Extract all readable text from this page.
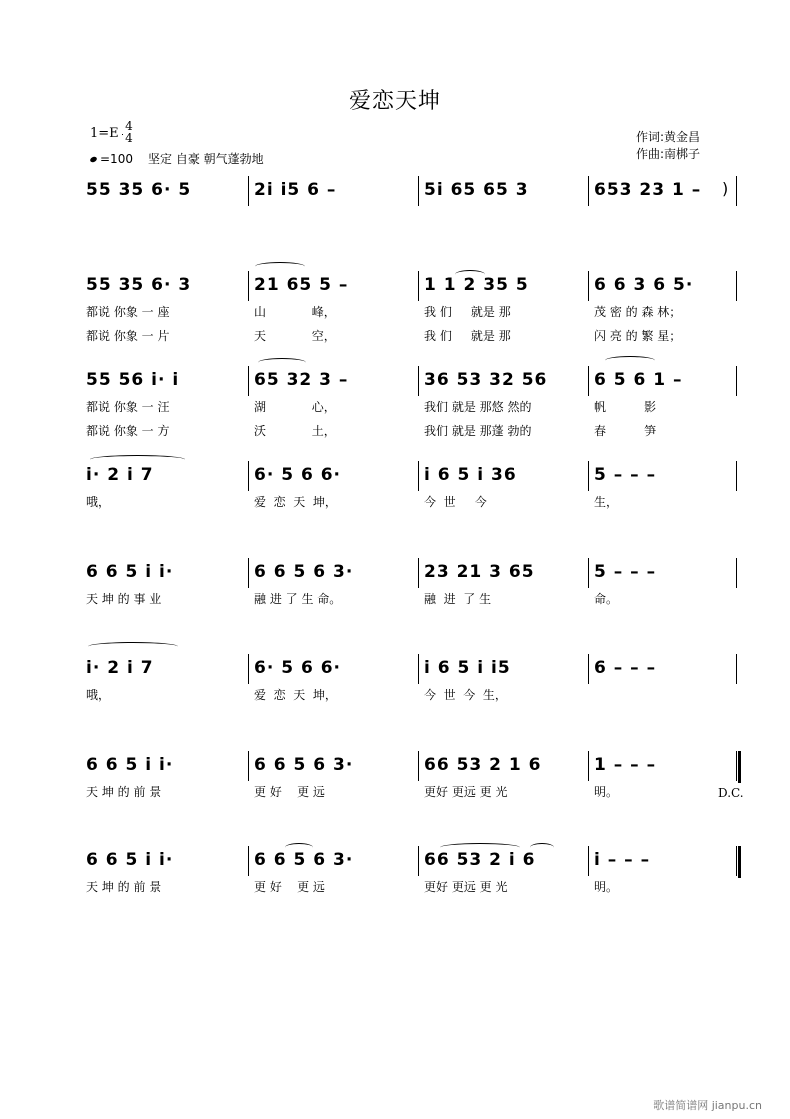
爱恋天坤
1=E 4
4
=100 坚定 自豪 朝气蓬勃地
作词:黄金昌
作曲:南梆子
55 35 6· 5	2i i5 6 –	5i 65 65 3	653 23 1 –
55 35 6· 3	21 65 5 –	1 1 2 35 5	6 6 3 6 5·
都说 你象 一 座	山            峰，	我 们     就是 那	茂 密 的 森 林；
都说 你象 一 片	天            空，	我 们     就是 那	闪 亮 的 繁 星；
55 56 i· i	65 32 3 –	36 53 32 56	6 5 6 1 –
都说 你象 一 汪	湖            心，	我们 就是 那悠 然的	帆          影
都说 你象 一 方	沃            土，	我们 就是 那蓬 勃的	春          笋
i· 2 i 7	6· 5 6 6·	i 6 5 i 36	5 – – –
哦，	爱  恋  天  坤，	今  世     今	生，
6 6 5 i i·	6 6 5 6 3·	23 21 3 65	5 – – –
天 坤 的 事 业	融 进 了 生 命。	融  进  了 生	命。
i· 2 i 7	6· 5 6 6·	i 6 5 i i5	6 – – –
哦，	爱  恋  天  坤，	今  世  今  生，
6 6 5 i i·	6 6 5 6 3·	66 53 2 1 6	1 – – –
天 坤 的 前 景	更 好    更 远	更好 更远 更 光	明。
6 6 5 i i·	6 6 5 6 3·	66 53 2 i 6	i – – –
天 坤 的 前 景	更 好    更 远	更好 更远 更 光	明。
)
D.C.
歌谱简谱网 jianpu.cn
